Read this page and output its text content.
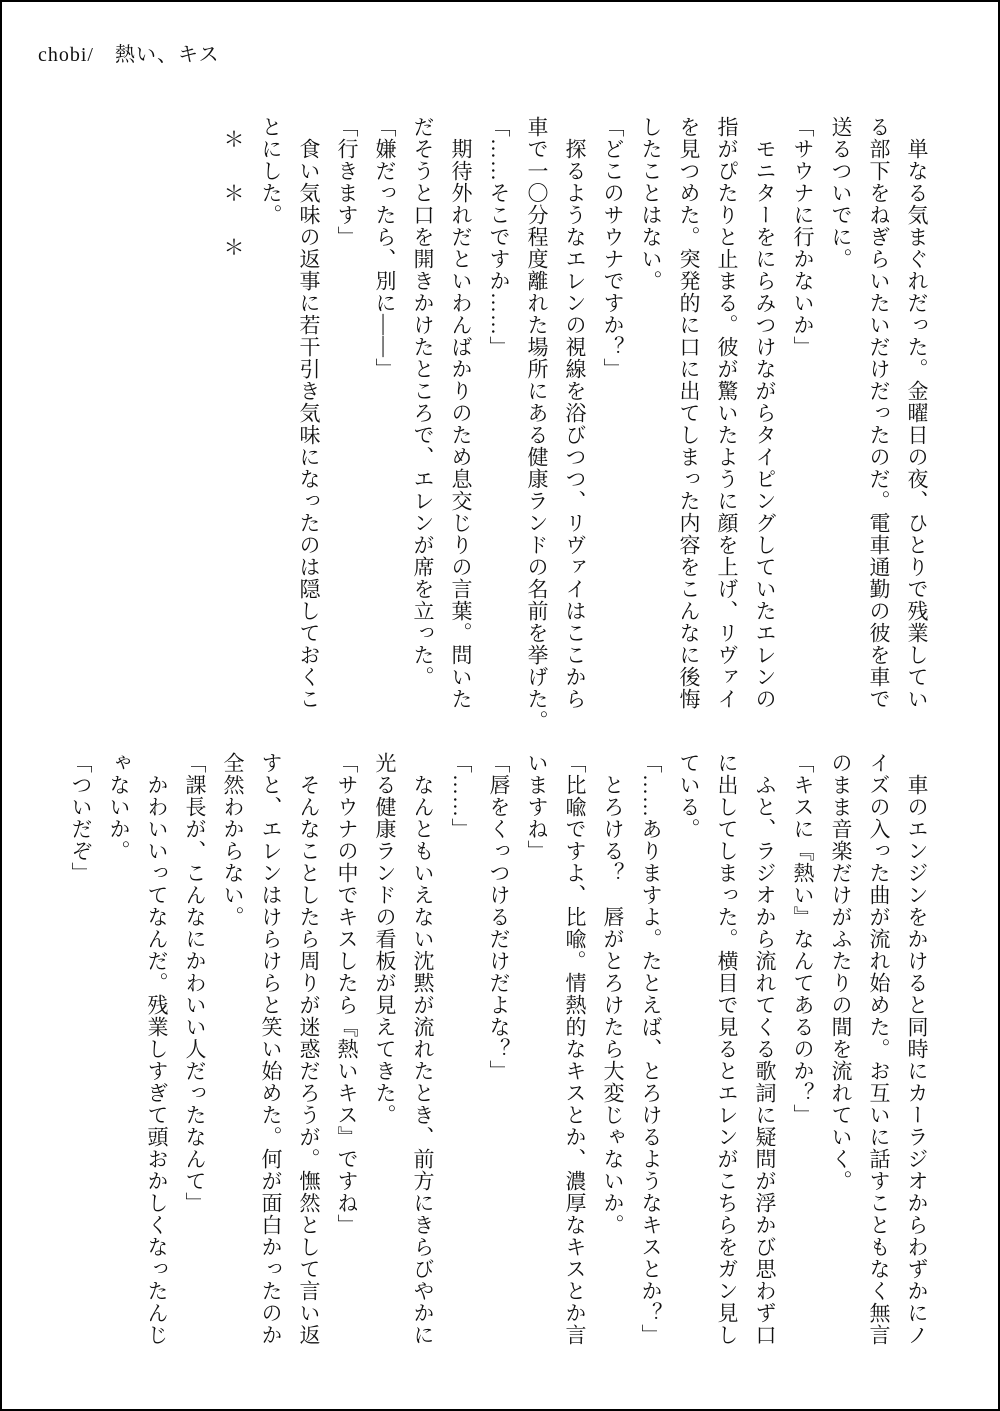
chobi/　熱い、キス

　単なる気まぐれだった。金曜日の夜、ひとりで残業してい

る部下をねぎらいたいだけだったのだ。電車通勤の彼を車で

送るついでに。

「サウナに行かないか」

　モニターをにらみつけながらタイピングしていたエレンの

指がぴたりと止まる。彼が驚いたように顔を上げ、リヴァイ

を見つめた。突発的に口に出てしまった内容をこんなに後悔

したことはない。

「どこのサウナですか？」

　探るようなエレンの視線を浴びつつ、リヴァイはここから

車で一〇分程度離れた場所にある健康ランドの名前を挙げた。

「……そこですか……」

　期待外れだといわんばかりのため息交じりの言葉。問いた

だそうと口を開きかけたところで、エレンが席を立った。

「嫌だったら、別に――」

「行きます」

　食い気味の返事に若干引き気味になったのは隠しておくこ

とにした。

＊＊＊

　車のエンジンをかけると同時にカーラジオからわずかにノ

イズの入った曲が流れ始めた。お互いに話すこともなく無言

のまま音楽だけがふたりの間を流れていく。

「キスに『熱い』なんてあるのか？」

　ふと、ラジオから流れてくる歌詞に疑問が浮かび思わず口

に出してしまった。横目で見るとエレンがこちらをガン見し

ている。

「……ありますよ。たとえば、とろけるようなキスとか？」

　とろける？　唇がとろけたら大変じゃないか。

「比喩ですよ、比喩。情熱的なキスとか、濃厚なキスとか言

いますね」

「唇をくっつけるだけだよな？」

「……」

　なんともいえない沈黙が流れたとき、前方にきらびやかに

光る健康ランドの看板が見えてきた。

「サウナの中でキスしたら『熱いキス』ですね」

　そんなことしたら周りが迷惑だろうが。憮然として言い返

すと、エレンはけらけらと笑い始めた。何が面白かったのか

全然わからない。

「課長が、こんなにかわいい人だったなんて」

　かわいいってなんだ。残業しすぎて頭おかしくなったんじ

ゃないか。

「ついだぞ」
